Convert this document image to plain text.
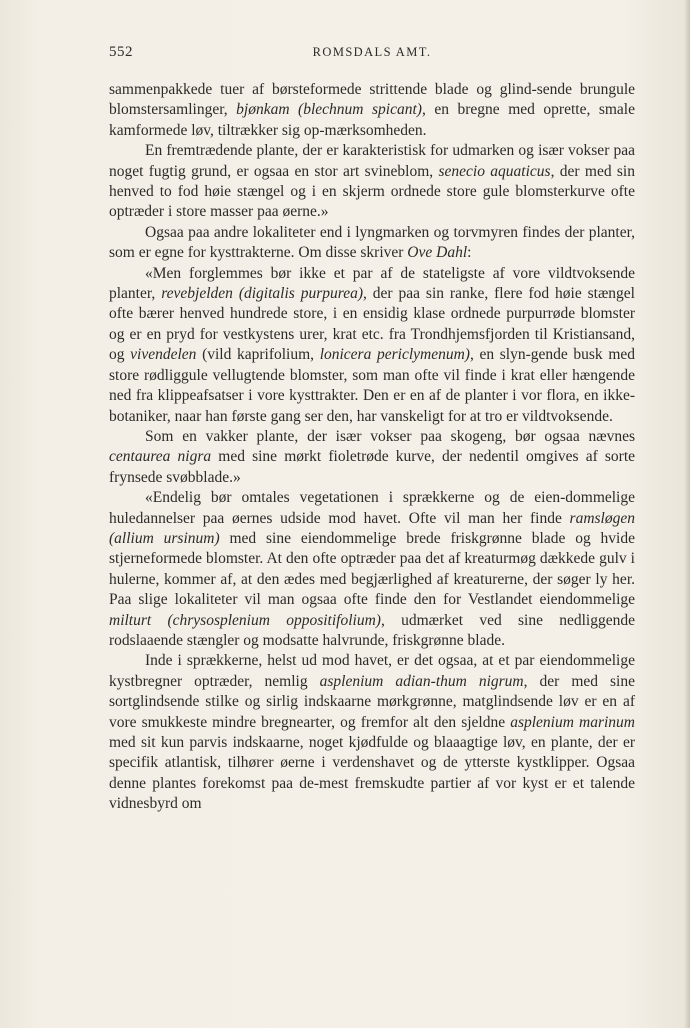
552	ROMSDALS AMT.

sammenpakkede tuer af børsteformede strittende blade og glind-sende brungule blomstersamlinger, bjønkam (blechnum spicant), en bregne med oprette, smale kamformede løv, tiltrækker sig op-mærksomheden.

En fremtrædende plante, der er karakteristisk for udmarken og især vokser paa noget fugtig grund, er ogsaa en stor art svineblom, senecio aquaticus, der med sin henved to fod høie stængel og i en skjerm ordnede store gule blomsterkurve ofte optræder i store masser paa øerne.»

Ogsaa paa andre lokaliteter end i lyngmarken og torvmyren findes der planter, som er egne for kysttrakterne. Om disse skriver Ove Dahl:

«Men forglemmes bør ikke et par af de stateligste af vore vildtvoksende planter, revebjelden (digitalis purpurea), der paa sin ranke, flere fod høie stængel ofte bærer henved hundrede store, i en ensidig klase ordnede purpurrøde blomster og er en pryd for vestkystens urer, krat etc. fra Trondhjemsfjorden til Kristiansand, og vivendelen (vild kaprifolium, lonicera periclymenum), en slyn-gende busk med store rødliggule vellugtende blomster, som man ofte vil finde i krat eller hængende ned fra klippeafsatser i vore kysttrakter. Den er en af de planter i vor flora, en ikke-botaniker, naar han første gang ser den, har vanskeligt for at tro er vildtvoksende.

Som en vakker plante, der især vokser paa skogeng, bør ogsaa nævnes centaurea nigra med sine mørkt fioletrøde kurve, der nedentil omgives af sorte frynsede svøbblade.»

«Endelig bør omtales vegetationen i sprækkerne og de eien-dommelige huledannelser paa øernes udside mod havet. Ofte vil man her finde ramsløgen (allium ursinum) med sine eiendommelige brede friskgrønne blade og hvide stjerneformede blomster. At den ofte optræder paa det af kreaturmøg dækkede gulv i hulerne, kommer af, at den ædes med begjærlighed af kreaturerne, der søger ly her. Paa slige lokaliteter vil man ogsaa ofte finde den for Vestlandet eiendommelige milturt (chrysosplenium oppositifolium), udmærket ved sine nedliggende rodslaaende stængler og modsatte halvrunde, friskgrønne blade.

Inde i sprækkerne, helst ud mod havet, er det ogsaa, at et par eiendommelige kystbregner optræder, nemlig asplenium adian-thum nigrum, der med sine sortglindsende stilke og sirlig indskaarne mørkgrønne, matglindsende løv er en af vore smukkeste mindre bregnearter, og fremfor alt den sjeldne asplenium marinum med sit kun parvis indskaarne, noget kjødfulde og blaaagtige løv, en plante, der er specifik atlantisk, tilhører øerne i verdenshavet og de ytterste kystklipper. Ogsaa denne plantes forekomst paa de-mest fremskudte partier af vor kyst er et talende vidnesbyrd om
